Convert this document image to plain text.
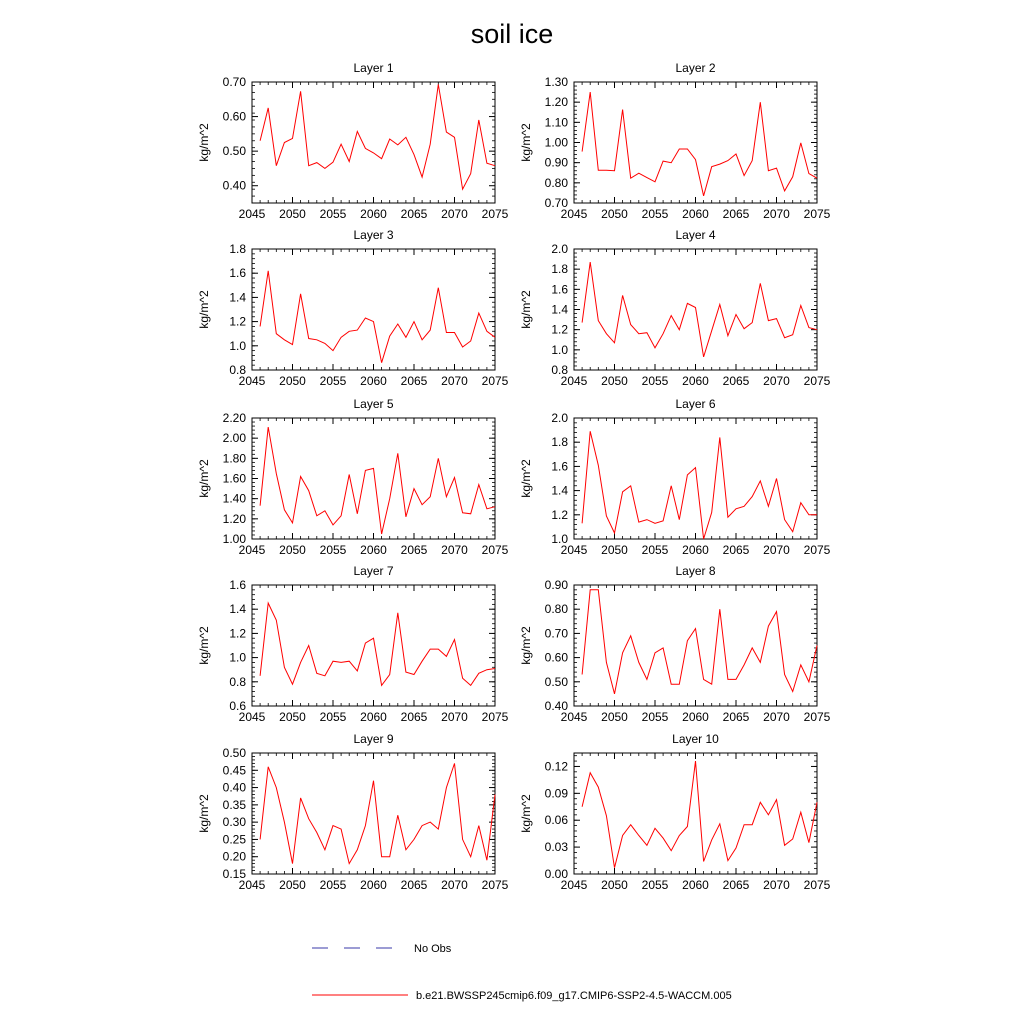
soil ice
Layer 1
2045 2050 2055 2060 2065 2070 2075
0.40
0.50
0.60
0.70
kg/m^2
Layer 2
2045 2050 2055 2060 2065 2070 2075
0.70
0.80
0.90
1.00
1.10
1.20
1.30
kg/m^2
Layer 3
2045 2050 2055 2060 2065 2070 2075
0.8
1.0
1.2
1.4
1.6
1.8
kg/m^2
Layer 4
2045 2050 2055 2060 2065 2070 2075
0.8
1.0
1.2
1.4
1.6
1.8
2.0
kg/m^2
Layer 5
2045 2050 2055 2060 2065 2070 2075
1.00
1.20
1.40
1.60
1.80
2.00
2.20
kg/m^2
Layer 6
2045 2050 2055 2060 2065 2070 2075
1.0
1.2
1.4
1.6
1.8
2.0
kg/m^2
Layer 7
2045 2050 2055 2060 2065 2070 2075
0.6
0.8
1.0
1.2
1.4
1.6
kg/m^2
Layer 8
2045 2050 2055 2060 2065 2070 2075
0.40
0.50
0.60
0.70
0.80
0.90
kg/m^2
Layer 9
2045 2050 2055 2060 2065 2070 2075
0.15
0.20
0.25
0.30
0.35
0.40
0.45
0.50
kg/m^2
Layer 10
2045 2050 2055 2060 2065 2070 2075
0.00
0.03
0.06
0.09
0.12
kg/m^2
No Obs
b.e21.BWSSP245cmip6.f09_g17.CMIP6-SSP2-4.5-WACCM.005
